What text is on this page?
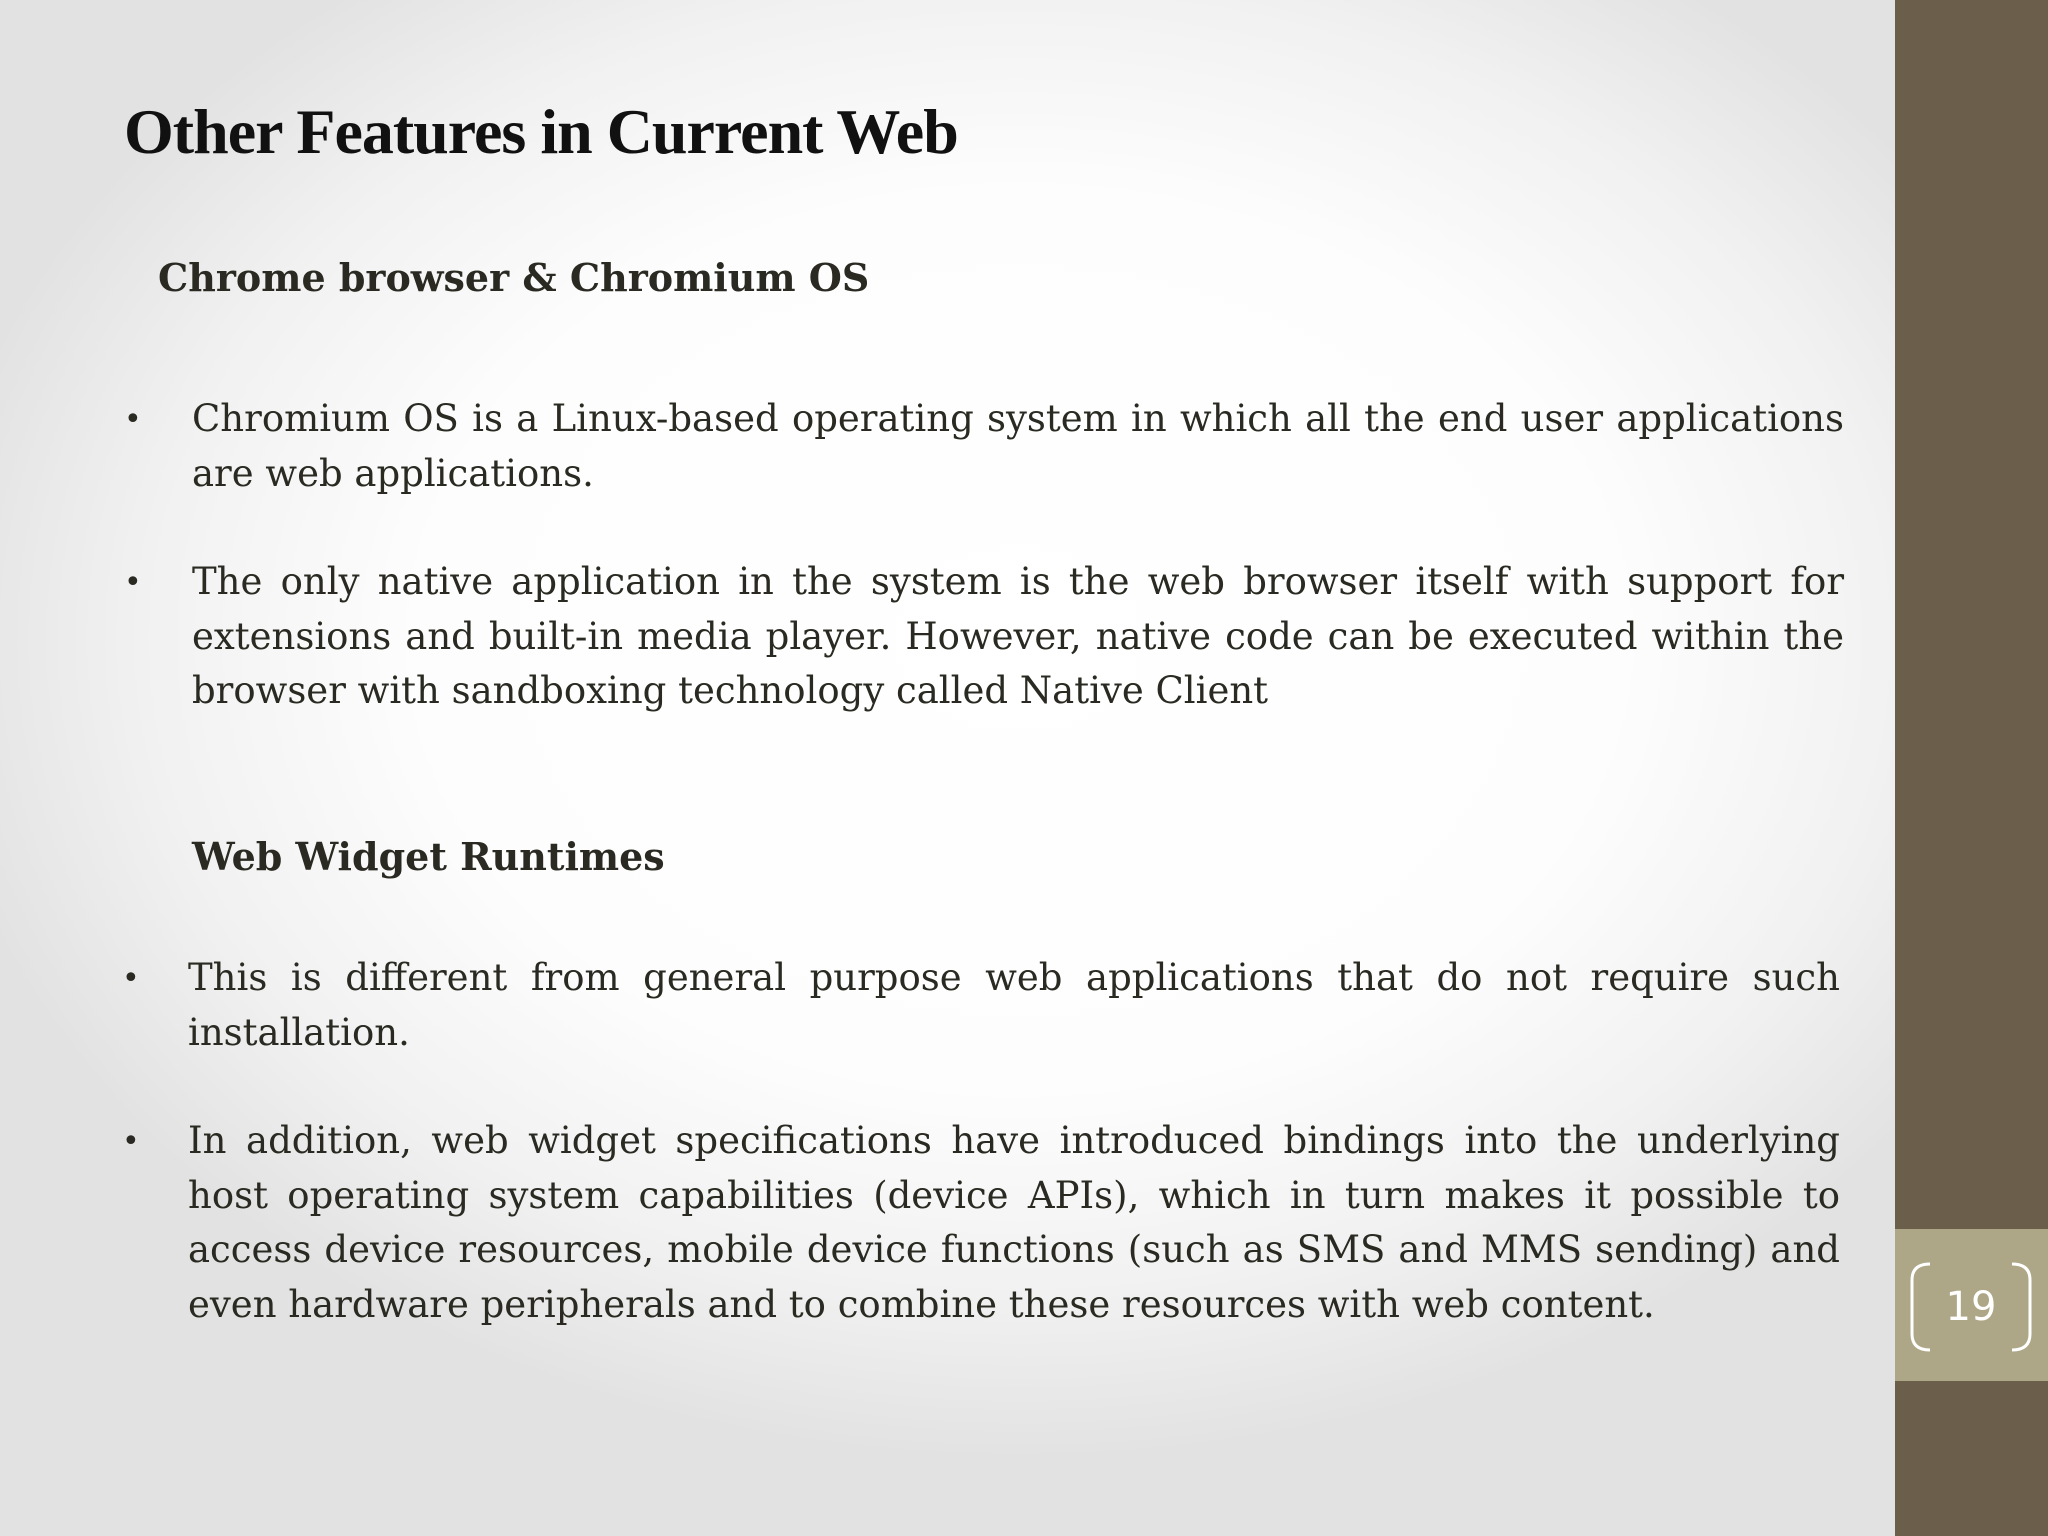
Other Features in Current Web
Chrome browser & Chromium OS
•	Chromium OS is a Linux-based operating system in which all the end user applications are web applications.
•	The only native application in the system is the web browser itself with support for extensions and built-in media player. However, native code can be executed within the browser with sandboxing technology called Native Client
Web Widget Runtimes
•	This is different from general purpose web applications that do not require such installation.
•	In addition, web widget specifications have introduced bindings into the underlying host operating system capabilities (device APIs), which in turn makes it possible to access device resources, mobile device functions (such as SMS and MMS sending) and even hardware peripherals and to combine these resources with web content.	19
